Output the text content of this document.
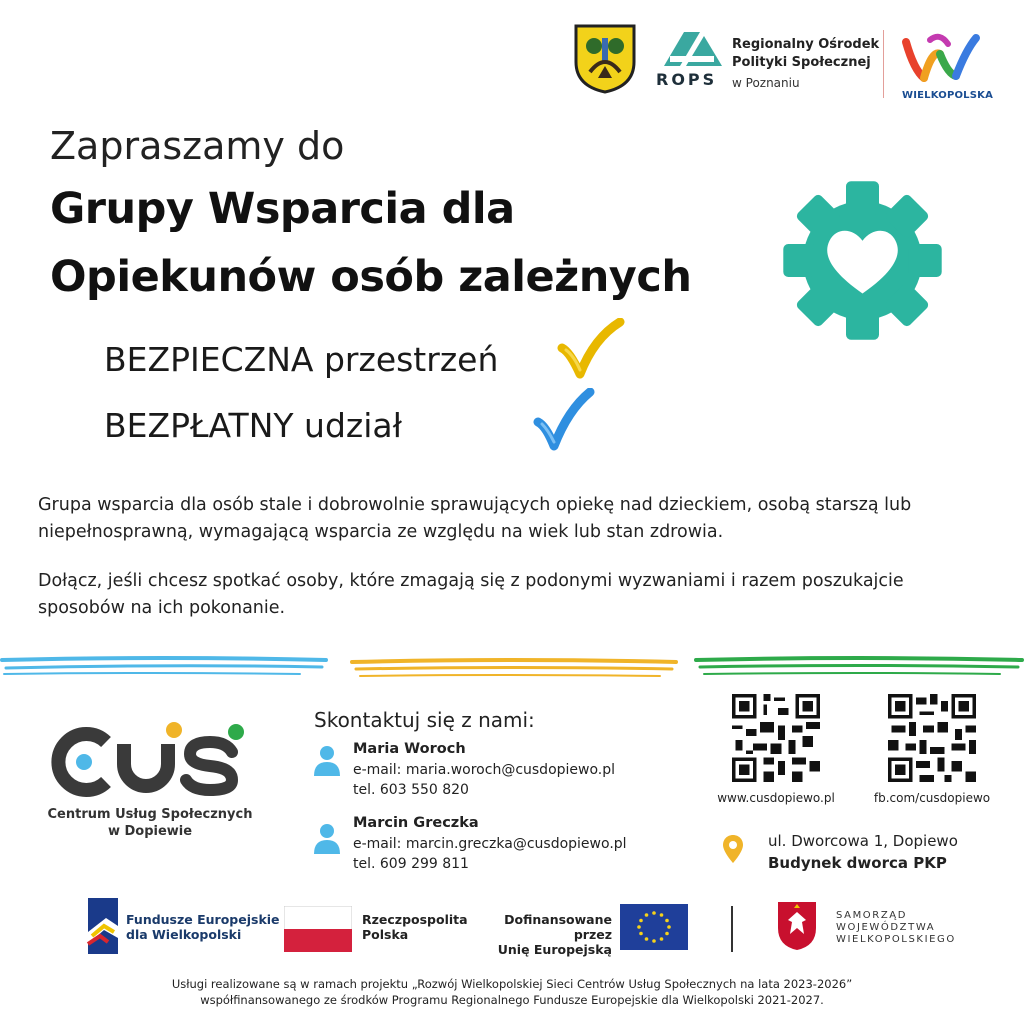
ROPS
Regionalny Ośrodek
Polityki Społecznej
w Poznaniu
WIELKOPOLSKA
Zapraszamy do
Grupy Wsparcia dla
Opiekunów osób zależnych
BEZPIECZNA przestrzeń
BEZPŁATNY udział
Grupa wsparcia dla osób stale i dobrowolnie sprawujących opiekę nad dzieckiem, osobą starszą lub niepełnosprawną, wymagającą wsparcia ze względu na wiek lub stan zdrowia.
Dołącz, jeśli chcesz spotkać osoby, które zmagają się z podonymi wyzwaniami i razem poszukajcie sposobów na ich pokonanie.
Centrum Usług Społecznych
w Dopiewie
Skontaktuj się z nami:
Maria Woroch
e-mail: maria.woroch@cusdopiewo.pl
tel. 603 550 820
Marcin Greczka
e-mail: marcin.greczka@cusdopiewo.pl
tel. 609 299 811
www.cusdopiewo.pl	fb.com/cusdopiewo
ul. Dworcowa 1, Dopiewo
Budynek dworca PKP
Fundusze Europejskie
dla Wielkopolski
Rzeczpospolita
Polska
Dofinansowane przez
Unię Europejską
SAMORZĄD
WOJEWÓDZTWA
WIELKOPOLSKIEGO
Usługi realizowane są w ramach projektu „Rozwój Wielkopolskiej Sieci Centrów Usług Społecznych na lata 2023-2026”
współfinansowanego ze środków Programu Regionalnego Fundusze Europejskie dla Wielkopolski 2021-2027.
